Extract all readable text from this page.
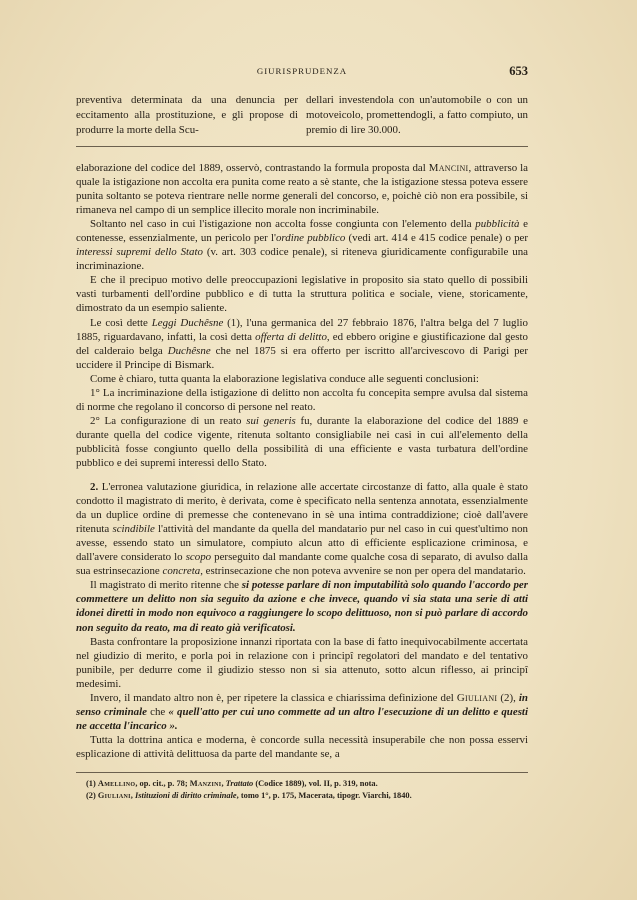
GIURISPRUDENZA	653
preventiva determinata da una denuncia per eccitamento alla prostituzione, e gli propose di produrre la morte della Scu-
dellari investendola con un'automobile o con un motoveicolo, promettendogli, a fatto compiuto, un premio di lire 30.000.

elaborazione del codice del 1889, osservò, contrastando la formula proposta dal Mancini, attraverso la quale la istigazione non accolta era punita come reato a sè stante, che la istigazione stessa poteva essere punita soltanto se poteva rientrare nelle norme generali del concorso, e, poichè ciò non era possibile, si rimaneva nel campo di un semplice illecito morale non incriminabile.

Soltanto nel caso in cui l'istigazione non accolta fosse congiunta con l'elemento della pubblicità e contenesse, essenzialmente, un pericolo per l'ordine pubblico (vedi art. 414 e 415 codice penale) o per interessi supremi dello Stato (v. art. 303 codice penale), si riteneva giuridicamente configurabile una incriminazione.

E che il precipuo motivo delle preoccupazioni legislative in proposito sia stato quello di possibili vasti turbamenti dell'ordine pubblico e di tutta la struttura politica e sociale, viene, storicamente, dimostrato da un esempio saliente.

Le così dette Leggi Duchêsne (1), l'una germanica del 27 febbraio 1876, l'altra belga del 7 luglio 1885, riguardavano, infatti, la così detta offerta di delitto, ed ebbero origine e giustificazione dal gesto del calderaio belga Duchêsne che nel 1875 si era offerto per iscritto all'arcivescovo di Parigi per uccidere il Principe di Bismark.

Come è chiaro, tutta quanta la elaborazione legislativa conduce alle seguenti conclusioni:

1° La incriminazione della istigazione di delitto non accolta fu concepita sempre avulsa dal sistema di norme che regolano il concorso di persone nel reato.

2° La configurazione di un reato sui generis fu, durante la elaborazione del codice del 1889 e durante quella del codice vigente, ritenuta soltanto consigliabile nei casi in cui all'elemento della pubblicità fosse congiunto quello della possibilità di una efficiente e vasta turbatura dell'ordine pubblico e dei supremi interessi dello Stato.

2. L'erronea valutazione giuridica, in relazione alle accertate circostanze di fatto, alla quale è stato condotto il magistrato di merito, è derivata, come è specificato nella sentenza annotata, essenzialmente da un duplice ordine di premesse che contenevano in sè una intima contraddizione; cioè dall'avere ritenuta scindibile l'attività del mandante da quella del mandatario pur nel caso in cui quest'ultimo non avesse, essendo stato un simulatore, compiuto alcun atto di efficiente esplicazione criminosa, e dall'avere considerato lo scopo perseguito dal mandante come qualche cosa di separato, di avulso dalla sua estrinsecazione concreta, estrinsecazione che non poteva avvenire se non per opera del mandatario.

Il magistrato di merito ritenne che si potesse parlare di non imputabilità solo quando l'accordo per commettere un delitto non sia seguito da azione e che invece, quando vi sia stata una serie di atti idonei diretti in modo non equivoco a raggiungere lo scopo delittuoso, non si può parlare di accordo non seguito da reato, ma di reato già verificatosi.

Basta confrontare la proposizione innanzi riportata con la base di fatto inequivocabilmente accertata nel giudizio di merito, e porla poi in relazione con i principî regolatori del mandato e del tentativo punibile, per dedurre come il giudizio stesso non si sia attenuto, sotto alcun riflesso, ai principî medesimi.

Invero, il mandato altro non è, per ripetere la classica e chiarissima definizione del Giuliani (2), in senso criminale che « quell'atto per cui uno commette ad un altro l'esecuzione di un delitto e questi ne accetta l'incarico ».

Tutta la dottrina antica e moderna, è concorde sulla necessità insuperabile che non possa esservi esplicazione di attività delittuosa da parte del mandante se, a

(1) Amellino, op. cit., p. 78; Manzini, Trattato (Codice 1889), vol. II, p. 319, nota.

(2) Giuliani, Istituzioni di diritto criminale, tomo 1°, p. 175, Macerata, tipogr. Viarchi, 1840.
